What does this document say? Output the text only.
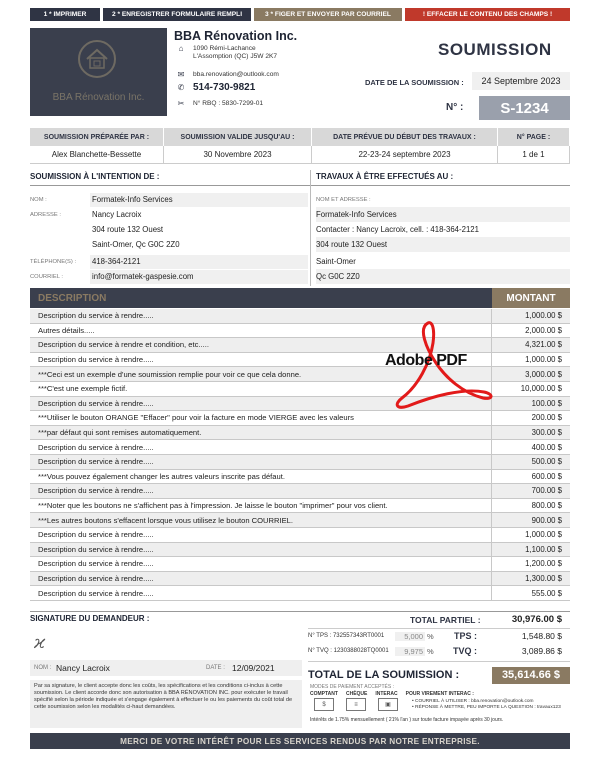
1 * IMPRIMER	2 * ENREGISTRER FORMULAIRE REMPLI	3 * FIGER ET ENVOYER PAR COURRIEL	! EFFACER LE CONTENU DES CHAMPS !
BBA Rénovation Inc.
BBA Rénovation Inc.
⌂	1090 Rémi-Lachance
L'Assomption (QC) J5W 2K7
✉	bba.renovation@outlook.com
✆ 514-730-9821
✂	N° RBQ : 5830-7299-01
SOUMISSION
DATE DE LA SOUMISSION :	24 Septembre 2023
N° :	S-1234
SOUMISSION PRÉPARÉE PAR :	SOUMISSION VALIDE JUSQU'AU :	DATE PRÉVUE DU DÉBUT DES TRAVAUX :	N° PAGE :
Alex Blanchette-Bessette	30 Novembre 2023	22-23-24 septembre 2023	1 de 1
SOUMISSION À L'INTENTION DE :	TRAVAUX À ÊTRE EFFECTUÉS AU :
NOM :	Formatek-Info Services
ADRESSE :	Nancy Lacroix
304 route 132 Ouest
Saint-Omer, Qc G0C 2Z0
TÉLÉPHONE(S) :	418-364-2121
COURRIEL :	info@formatek-gaspesie.com
NOM ET ADRESSE :
Formatek-Info Services
Contacter : Nancy Lacroix, cell. : 418-364-2121
304 route 132 Ouest
Saint-Omer
Qc G0C 2Z0
DESCRIPTION	MONTANT
Description du service à rendre.....	1,000.00 $
Autres détails.....	2,000.00 $
Description du service à rendre et condition, etc.....	4,321.00 $
Description du service à rendre.....	1,000.00 $
***Ceci est un exemple d'une soumission remplie pour voir ce que cela donne.	3,000.00 $
***C'est une exemple fictif.	10,000.00 $
Description du service à rendre.....	100.00 $
***Utiliser le bouton ORANGE "Effacer" pour voir la facture en mode VIERGE avec les valeurs	200.00 $
***par défaut qui sont remises automatiquement.	300.00 $
Description du service à rendre.....	400.00 $
Description du service à rendre.....	500.00 $
***Vous pouvez également changer les autres valeurs inscrite pas défaut.	600.00 $
Description du service à rendre.....	700.00 $
***Noter que les boutons ne s'affichent pas à l'impression. Je laisse le bouton "imprimer" pour vos client.	800.00 $
***Les autres boutons s'effacent lorsque vous utilisez le bouton COURRIEL.	900.00 $
Description du service à rendre.....	1,000.00 $
Description du service à rendre.....	1,100.00 $
Description du service à rendre.....	1,200.00 $
Description du service à rendre.....	1,300.00 $
Description du service à rendre.....	555.00 $
Adobe PDF
SIGNATURE DU DEMANDEUR :
ϰ
NOM : Nancy Lacroix	DATE : 12/09/2021
Par sa signature, le client accepte donc les coûts, les spécifications et les conditions ci-inclus à cette soumission. Le client accorde donc son autorisation à BBA RÉNOVATION INC. pour exécuter le travail spécifié selon la période indiquée et s'engage également à effectuer le ou les paiements du coût total de cette soumission selon les modalités ci-haut demandées.
TOTAL PARTIEL :	30,976.00 $
N° TPS : 732557343RT0001	5,000 %	TPS :	1,548.80 $
N° TVQ : 1230388028TQ0001	9,975 %	TVQ :	3,089.86 $
TOTAL DE LA SOUMISSION :	35,614.66 $
MODES DE PAIEMENT ACCEPTÉS :
COMPTANT CHÈQUE INTERAC POUR VIREMENT INTERAC :
$	≡	▣
• COURRIEL À UTILISER : bba.renovation@outlook.com
• RÉPONSE À METTRE, PEU IMPORTE LA QUESTION : travaux123
Intérêts de 1.75% mensuellement ( 21% l'an ) sur toute facture impayée après 30 jours.
MERCI DE VOTRE INTÉRÊT POUR LES SERVICES RENDUS PAR NOTRE ENTREPRISE.
